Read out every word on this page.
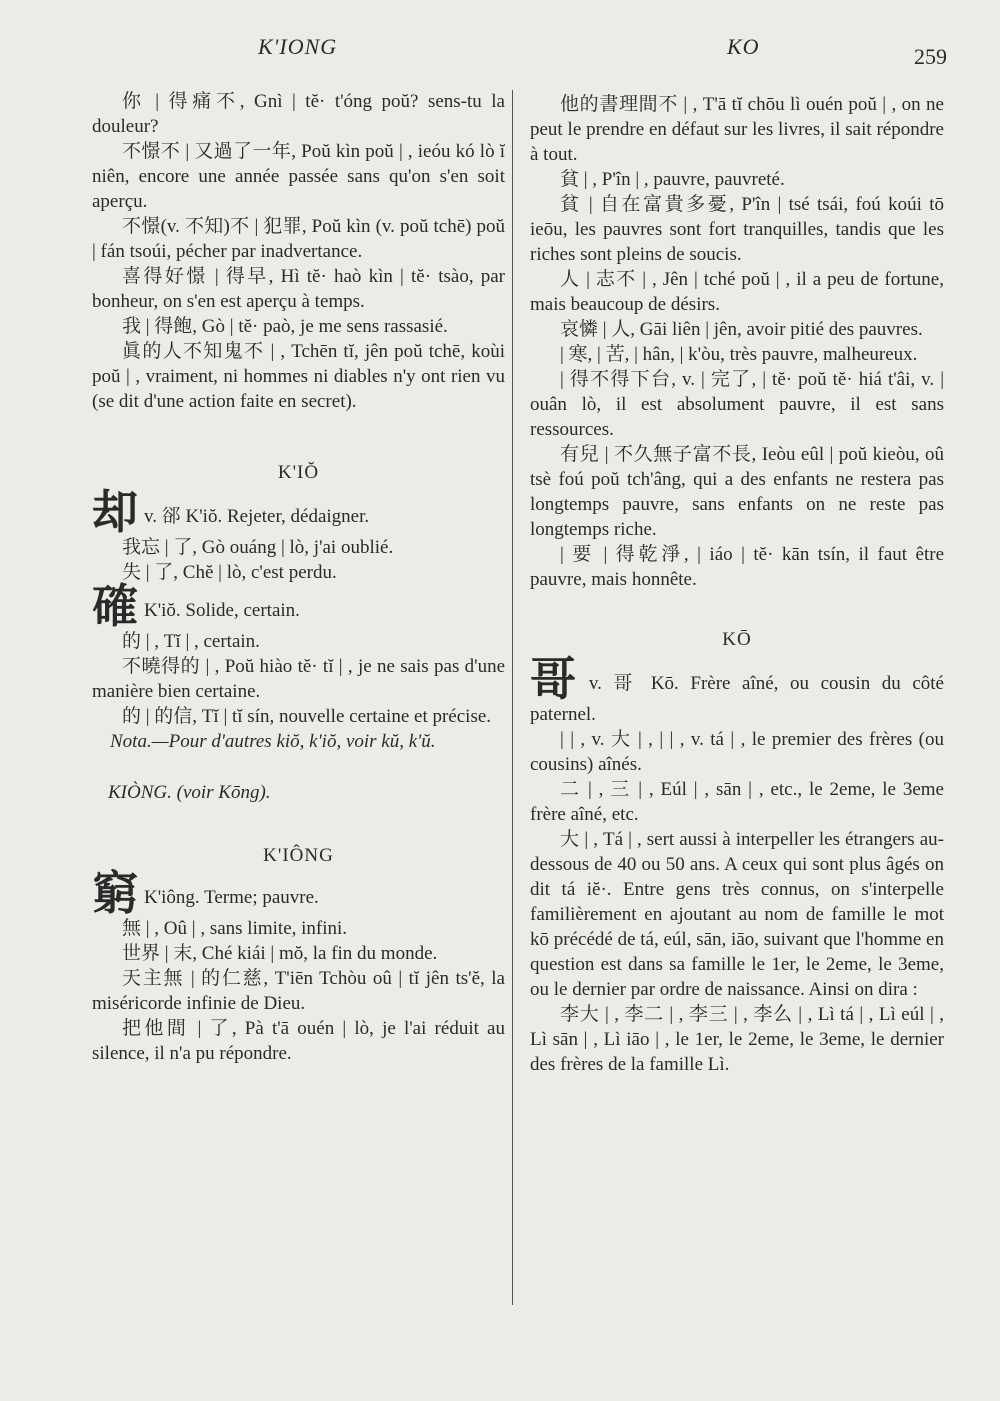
K'IONG	KO	259

你 | 得痛不, Gnì | tĕ· t'óng poŭ? sens-tu la douleur?

不憬不 | 又過了一年, Poŭ kìn poŭ | , ieóu kó lò ĭ niên, encore une année passée sans qu'on s'en soit aperçu.

不憬(v. 不知)不 | 犯罪, Poŭ kìn (v. poŭ tchē) poŭ | fán tsoúi, pécher par inadvertance.

喜得好憬 | 得早, Hì tĕ· haò kìn | tĕ· tsào, par bonheur, on s'en est aperçu à temps.

我 | 得飽, Gò | tĕ· paò, je me sens rassasié.

眞的人不知鬼不 | , Tchēn tĭ, jên poŭ tchē, koùi poŭ | , vraiment, ni hommes ni diables n'y ont rien vu (se dit d'une action faite en secret).

K'IŎ

却v. 郤 K'iŏ. Rejeter, dédaigner.

我忘 | 了, Gò ouáng | lò, j'ai oublié.

失 | 了, Chĕ | lò, c'est perdu.

確 K'iŏ. Solide, certain.

的 | , Tĭ | , certain.

不曉得的 | , Poŭ hiào tĕ· tĭ | , je ne sais pas d'une manière bien certaine.

的 | 的信, Tĭ | tĭ sín, nouvelle certaine et précise.

Nota.—Pour d'autres kiŏ, k'iŏ, voir kŭ, k'ŭ.

KIÒNG. (voir Kōng).

K'IÔNG

窮 K'iông. Terme; pauvre.

無 | , Oû | , sans limite, infini.

世界 | 末, Ché kiái | mŏ, la fin du monde.

天主無 | 的仁慈, T'iēn Tchòu oû | tĭ jên ts'ĕ, la miséricorde infinie de Dieu.

把他間 | 了, Pà t'ā ouén | lò, je l'ai réduit au silence, il n'a pu répondre.

他的書理間不 | , T'ā tĭ chōu lì ouén poŭ | , on ne peut le prendre en défaut sur les livres, il sait répondre à tout.

貧 | , P'în | , pauvre, pauvreté.

貧 | 自在富貴多憂, P'în | tsé tsái, foú koúi tō ieōu, les pauvres sont fort tranquilles, tandis que les riches sont pleins de soucis.

人 | 志不 | , Jên | tché poŭ | , il a peu de fortune, mais beaucoup de désirs.

哀憐 | 人, Gāi liên | jên, avoir pitié des pauvres.

| 寒, | 苦, | hân, | k'òu, très pauvre, malheureux.

| 得不得下台, v. | 完了, | tĕ· poŭ tĕ· hiá t'âi, v. | ouân lò, il est absolument pauvre, il est sans ressources.

有兒 | 不久無子富不長, Ieòu eûl | poŭ kieòu, oû tsè foú poŭ tch'âng, qui a des enfants ne restera pas longtemps pauvre, sans enfants on ne reste pas longtemps riche.

| 要 | 得乾淨, | iáo | tĕ· kān tsín, il faut être pauvre, mais honnête.

KŌ

哥v. 哥 Kō. Frère aîné, ou cousin du côté paternel.

| | , v. 大 | , | | , v. tá | , le premier des frères (ou cousins) aînés.

二 | , 三 | , Eúl | , sān | , etc., le 2eme, le 3eme frère aîné, etc.

大 | , Tá | , sert aussi à interpeller les étrangers au-dessous de 40 ou 50 ans. A ceux qui sont plus âgés on dit tá iĕ·. Entre gens très connus, on s'interpelle familièrement en ajoutant au nom de famille le mot kō précédé de tá, eúl, sān, iāo, suivant que l'homme en question est dans sa famille le 1er, le 2eme, le 3eme, ou le dernier par ordre de naissance. Ainsi on dira :

李大 | , 李二 | , 李三 | , 李么 | , Lì tá | , Lì eúl | , Lì sān | , Lì iāo | , le 1er, le 2eme, le 3eme, le dernier des frères de la famille Lì.
